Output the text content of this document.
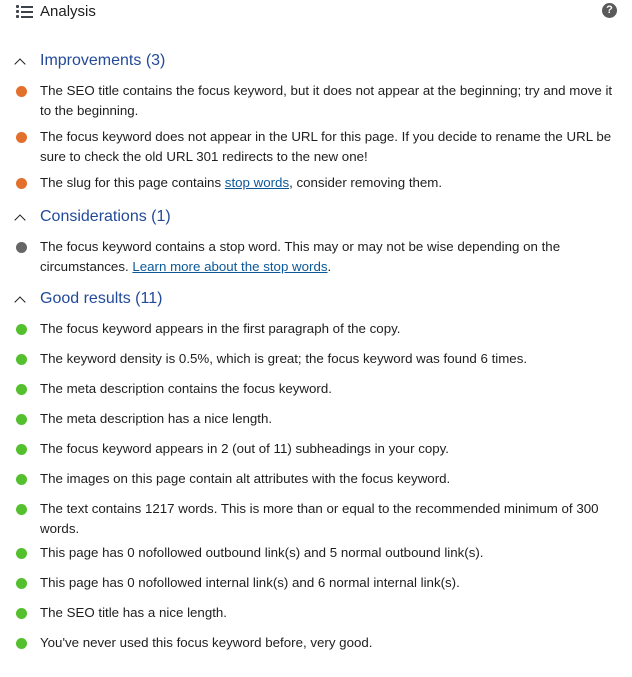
Analysis	?
Improvements (3)
The SEO title contains the focus keyword, but it does not appear at the beginning; try and move it to the beginning.
The focus keyword does not appear in the URL for this page. If you decide to rename the URL be sure to check the old URL 301 redirects to the new one!
The slug for this page contains stop words, consider removing them.
Considerations (1)
The focus keyword contains a stop word. This may or may not be wise depending on the circumstances. Learn more about the stop words.
Good results (11)
The focus keyword appears in the first paragraph of the copy.
The keyword density is 0.5%, which is great; the focus keyword was found 6 times.
The meta description contains the focus keyword.
The meta description has a nice length.
The focus keyword appears in 2 (out of 11) subheadings in your copy.
The images on this page contain alt attributes with the focus keyword.
The text contains 1217 words. This is more than or equal to the recommended minimum of 300 words.
This page has 0 nofollowed outbound link(s) and 5 normal outbound link(s).
This page has 0 nofollowed internal link(s) and 6 normal internal link(s).
The SEO title has a nice length.
You've never used this focus keyword before, very good.
